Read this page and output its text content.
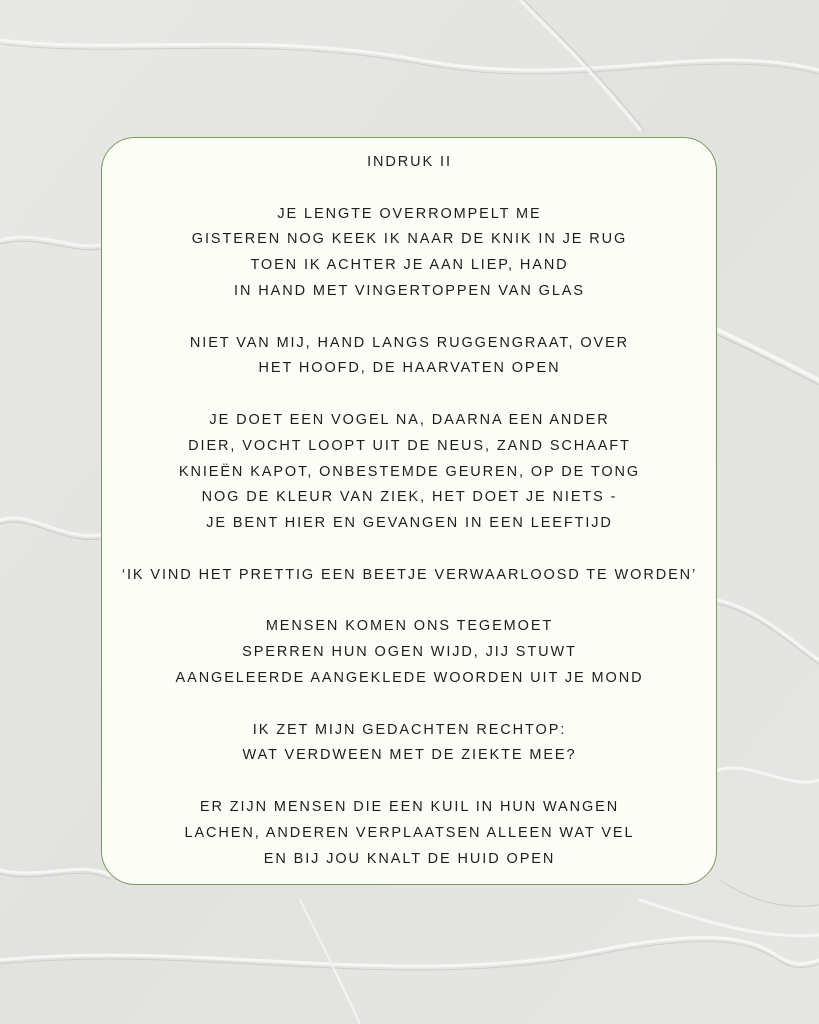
INDRUK II
JE LENGTE OVERROMPELT ME
GISTEREN NOG KEEK IK NAAR DE KNIK IN JE RUG
TOEN IK ACHTER JE AAN LIEP, HAND
IN HAND MET VINGERTOPPEN VAN GLAS
NIET VAN MIJ, HAND LANGS RUGGENGRAAT, OVER
HET HOOFD, DE HAARVATEN OPEN
JE DOET EEN VOGEL NA, DAARNA EEN ANDER
DIER, VOCHT LOOPT UIT DE NEUS, ZAND SCHAAFT
KNIEËN KAPOT, ONBESTEMDE GEUREN, OP DE TONG
NOG DE KLEUR VAN ZIEK, HET DOET JE NIETS -
JE BENT HIER EN GEVANGEN IN EEN LEEFTIJD
‘IK VIND HET PRETTIG EEN BEETJE VERWAARLOOSD TE WORDEN’
MENSEN KOMEN ONS TEGEMOET
SPERREN HUN OGEN WIJD, JIJ STUWT
AANGELEERDE AANGEKLEDE WOORDEN UIT JE MOND
IK ZET MIJN GEDACHTEN RECHTOP:
WAT VERDWEEN MET DE ZIEKTE MEE?
ER ZIJN MENSEN DIE EEN KUIL IN HUN WANGEN
LACHEN, ANDEREN VERPLAATSEN ALLEEN WAT VEL
EN BIJ JOU KNALT DE HUID OPEN
